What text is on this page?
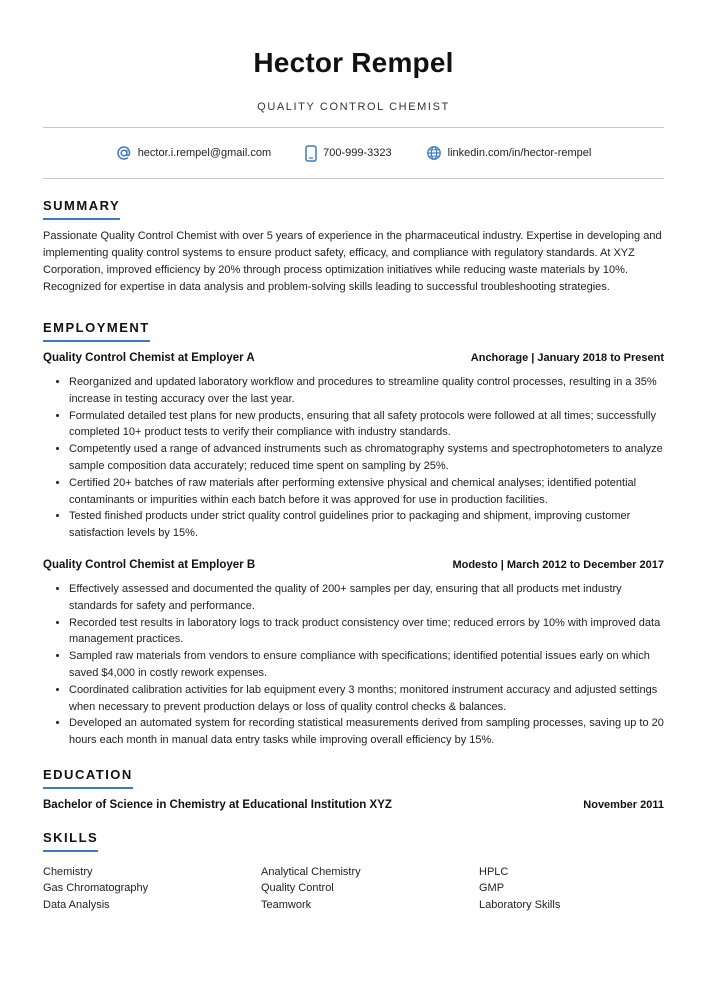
Hector Rempel
QUALITY CONTROL CHEMIST
hector.i.rempel@gmail.com	700-999-3323	linkedin.com/in/hector-rempel
SUMMARY
Passionate Quality Control Chemist with over 5 years of experience in the pharmaceutical industry. Expertise in developing and implementing quality control systems to ensure product safety, efficacy, and compliance with regulatory standards. At XYZ Corporation, improved efficiency by 20% through process optimization initiatives while reducing waste materials by 10%. Recognized for expertise in data analysis and problem-solving skills leading to successful troubleshooting strategies.
EMPLOYMENT
Quality Control Chemist at Employer A	Anchorage | January 2018 to Present
• Reorganized and updated laboratory workflow and procedures to streamline quality control processes, resulting in a 35% increase in testing accuracy over the last year.
• Formulated detailed test plans for new products, ensuring that all safety protocols were followed at all times; successfully completed 10+ product tests to verify their compliance with industry standards.
• Competently used a range of advanced instruments such as chromatography systems and spectrophotometers to analyze sample composition data accurately; reduced time spent on sampling by 25%.
• Certified 20+ batches of raw materials after performing extensive physical and chemical analyses; identified potential contaminants or impurities within each batch before it was approved for use in production facilities.
• Tested finished products under strict quality control guidelines prior to packaging and shipment, improving customer satisfaction levels by 15%.
Quality Control Chemist at Employer B	Modesto | March 2012 to December 2017
• Effectively assessed and documented the quality of 200+ samples per day, ensuring that all products met industry standards for safety and performance.
• Recorded test results in laboratory logs to track product consistency over time; reduced errors by 10% with improved data management practices.
• Sampled raw materials from vendors to ensure compliance with specifications; identified potential issues early on which saved $4,000 in costly rework expenses.
• Coordinated calibration activities for lab equipment every 3 months; monitored instrument accuracy and adjusted settings when necessary to prevent production delays or loss of quality control checks & balances.
• Developed an automated system for recording statistical measurements derived from sampling processes, saving up to 20 hours each month in manual data entry tasks while improving overall efficiency by 15%.
EDUCATION
Bachelor of Science in Chemistry at Educational Institution XYZ	November 2011
SKILLS
Chemistry	Analytical Chemistry	HPLC
Gas Chromatography	Quality Control	GMP
Data Analysis	Teamwork	Laboratory Skills
